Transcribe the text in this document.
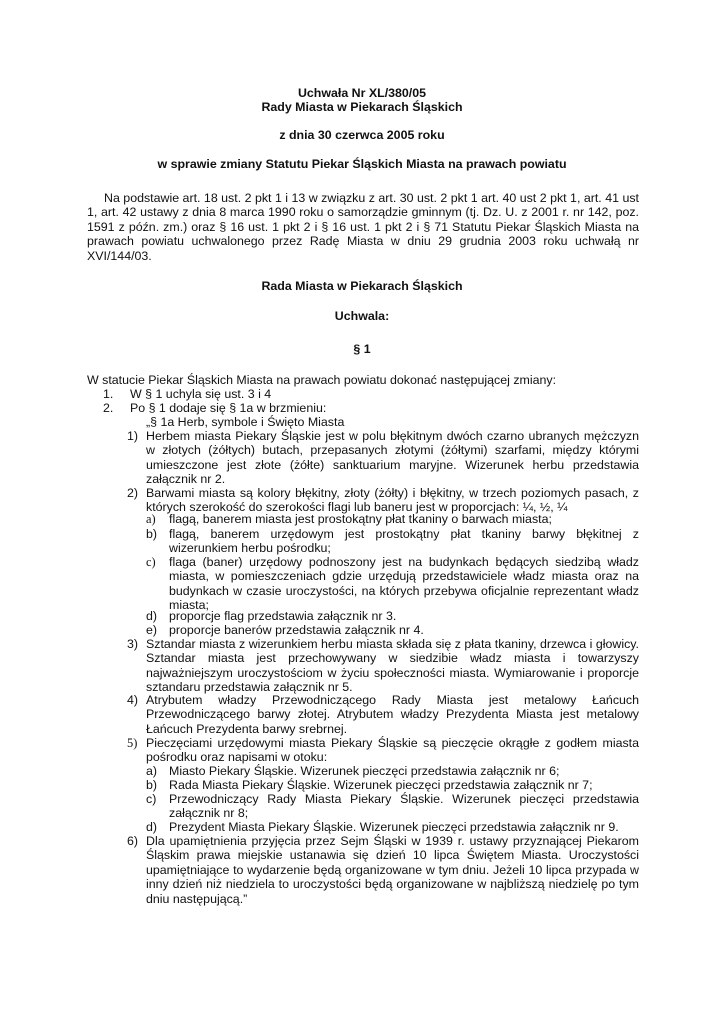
Uchwała Nr XL/380/05
Rady Miasta w Piekarach Śląskich
z dnia 30 czerwca 2005 roku
w sprawie zmiany Statutu Piekar Śląskich Miasta na prawach powiatu
Na podstawie art. 18 ust. 2 pkt 1 i 13 w związku z art. 30 ust. 2 pkt 1 art. 40 ust 2 pkt 1, art. 41 ust 1, art. 42 ustawy z dnia 8 marca 1990 roku o samorządzie gminnym (tj. Dz. U. z 2001 r. nr 142, poz. 1591 z późn. zm.) oraz § 16 ust. 1 pkt 2 i § 16 ust. 1 pkt 2 i § 71 Statutu Piekar Śląskich Miasta na prawach powiatu uchwalonego przez Radę Miasta w dniu 29 grudnia 2003 roku uchwałą nr XVI/144/03.
Rada Miasta w Piekarach Śląskich
Uchwala:
§ 1
W statucie Piekar Śląskich Miasta na prawach powiatu dokonać następującej zmiany:
1. W § 1 uchyla się ust. 3 i 4
2. Po § 1 dodaje się § 1a w brzmieniu:
„§ 1a Herb, symbole i Święto Miasta
1) Herbem miasta Piekary Śląskie jest w polu błękitnym dwóch czarno ubranych mężczyzn w złotych (żółtych) butach, przepasanych złotymi (żółtymi) szarfami, między którymi umieszczone jest złote (żółte) sanktuarium maryjne. Wizerunek herbu przedstawia załącznik nr 2.
2) Barwami miasta są kolory błękitny, złoty (żółty) i błękitny, w trzech poziomych pasach, z których szerokość do szerokości flagi lub baneru jest w proporcjach: ¼, ½, ¼
a) flagą, banerem miasta jest prostokątny płat tkaniny o barwach miasta;
b) flagą, banerem urzędowym jest prostokątny płat tkaniny barwy błękitnej z wizerunkiem herbu pośrodku;
c) flaga (baner) urzędowy podnoszony jest na budynkach będących siedzibą władz miasta, w pomieszczeniach gdzie urzędują przedstawiciele władz miasta oraz na budynkach w czasie uroczystości, na których przebywa oficjalnie reprezentant władz miasta;
d) proporcje flag przedstawia załącznik nr 3.
e) proporcje banerów przedstawia załącznik nr 4.
3) Sztandar miasta z wizerunkiem herbu miasta składa się z płata tkaniny, drzewca i głowicy. Sztandar miasta jest przechowywany w siedzibie władz miasta i towarzyszy najważniejszym uroczystościom w życiu społeczności miasta. Wymiarowanie i proporcje sztandaru przedstawia załącznik nr 5.
4) Atrybutem władzy Przewodniczącego Rady Miasta jest metalowy Łańcuch Przewodniczącego barwy złotej. Atrybutem władzy Prezydenta Miasta jest metalowy Łańcuch Prezydenta barwy srebrnej.
5) Pieczęciami urzędowymi miasta Piekary Śląskie są pieczęcie okrągłe z godłem miasta pośrodku oraz napisami w otoku:
a) Miasto Piekary Śląskie. Wizerunek pieczęci przedstawia załącznik nr 6;
b) Rada Miasta Piekary Śląskie. Wizerunek pieczęci przedstawia załącznik nr 7;
c) Przewodniczący Rady Miasta Piekary Śląskie. Wizerunek pieczęci przedstawia załącznik nr 8;
d) Prezydent Miasta Piekary Śląskie. Wizerunek pieczęci przedstawia załącznik nr 9.
6) Dla upamiętnienia przyjęcia przez Sejm Śląski w 1939 r. ustawy przyznającej Piekarom Śląskim prawa miejskie ustanawia się dzień 10 lipca Świętem Miasta. Uroczystości upamiętniające to wydarzenie będą organizowane w tym dniu. Jeżeli 10 lipca przypada w inny dzień niż niedziela to uroczystości będą organizowane w najbliższą niedzielę po tym dniu następującą.”
